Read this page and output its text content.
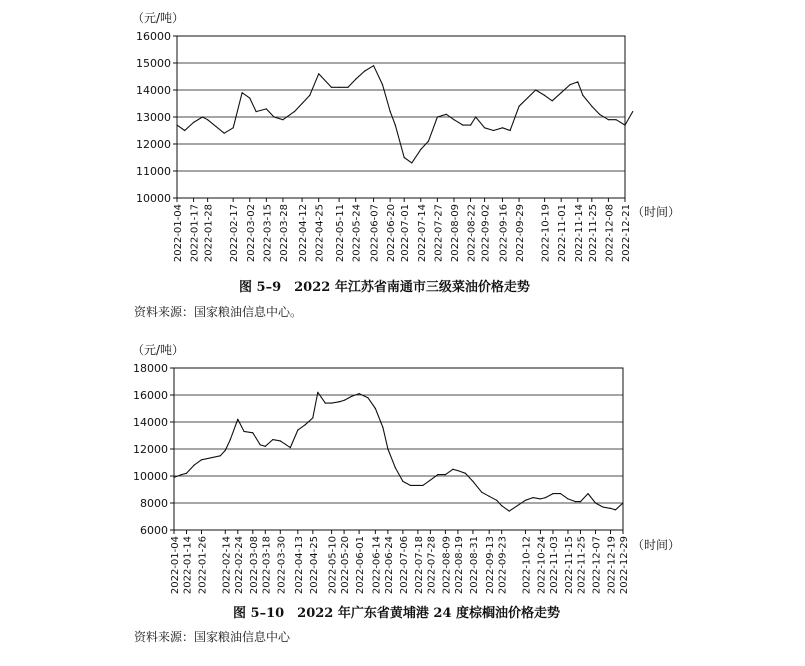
10000
11000
12000
13000
14000
15000
16000
2022-01-04 2022-01-17 2022-01-28 2022-02-17 2022-03-02 2022-03-15 2022-03-28 2022-04-12 2022-04-25 2022-05-11 2022-05-24 2022-06-07 2022-06-20 2022-07-01 2022-07-14 2022-07-27 2022-08-09 2022-08-22 2022-09-02 2022-09-16 2022-09-29 2022-10-19 2022-11-01 2022-11-14 2022-11-25 2022-12-08 2022-12-21
（元/吨）
（时间）
6000
8000
10000
12000
14000
16000
18000
2022-01-04 2022-01-14 2022-01-26 2022-02-14 2022-02-24 2022-03-08 2022-03-18 2022-03-30 2022-04-13 2022-04-25 2022-05-10 2022-05-20 2022-06-01 2022-06-14 2022-06-24 2022-07-06 2022-07-18 2022-07-28 2022-08-09 2022-08-19 2022-08-31 2022-09-13 2022-09-23 2022-10-12 2022-10-24 2022-11-03 2022-11-15 2022-11-25 2022-12-07 2022-12-19 2022-12-29
（元/吨）
（时间）
图 5–9　2022 年江苏省南通市三级菜油价格走势
资料来源：国家粮油信息中心。
图 5–10　2022 年广东省黄埔港 24 度棕榈油价格走势
资料来源：国家粮油信息中心
